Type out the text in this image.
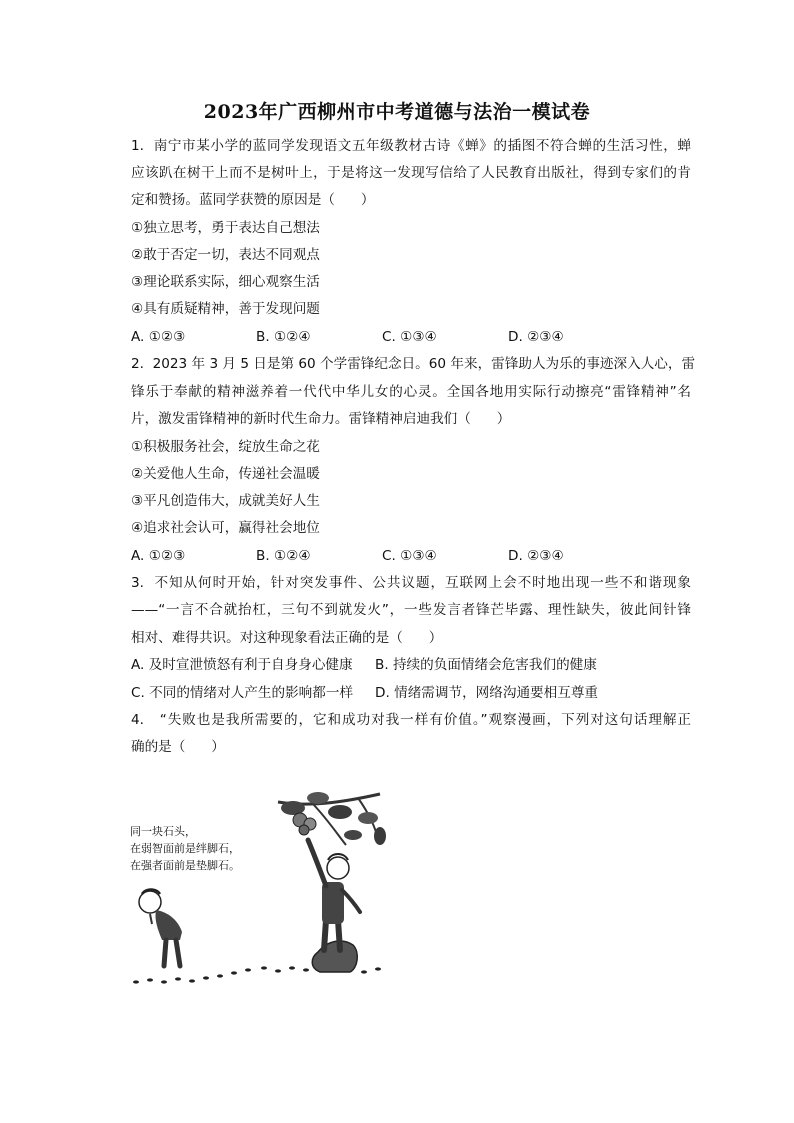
2023年广西柳州市中考道德与法治一模试卷
1.  南宁市某小学的蓝同学发现语文五年级教材古诗《蝉》的插图不符合蝉的生活习性，蝉
应该趴在树干上而不是树叶上，于是将这一发现写信给了人民教育出版社，得到专家们的肯
定和赞扬。蓝同学获赞的原因是（      ）
①独立思考，勇于表达自己想法
②敢于否定一切，表达不同观点
③理论联系实际，细心观察生活
④具有质疑精神，善于发现问题
A. ①②③	B. ①②④	C. ①③④	D. ②③④
2.  2023 年 3 月 5 日是第 60 个学雷锋纪念日。60 年来，雷锋助人为乐的事迹深入人心，雷
锋乐于奉献的精神滋养着一代代中华儿女的心灵。全国各地用实际行动擦亮“雷锋精神”名
片，激发雷锋精神的新时代生命力。雷锋精神启迪我们（      ）
①积极服务社会，绽放生命之花
②关爱他人生命，传递社会温暖
③平凡创造伟大，成就美好人生
④追求社会认可，赢得社会地位
A. ①②③	B. ①②④	C. ①③④	D. ②③④
3.  不知从何时开始，针对突发事件、公共议题，互联网上会不时地出现一些不和谐现象
——“一言不合就抬杠，三句不到就发火”，一些发言者锋芒毕露、理性缺失，彼此间针锋
相对、难得共识。对这种现象看法正确的是（      ）
A. 及时宣泄愤怒有利于自身身心健康 B. 持续的负面情绪会危害我们的健康
C. 不同的情绪对人产生的影响都一样 D. 情绪需调节，网络沟通要相互尊重
4.   “失败也是我所需要的，它和成功对我一样有价值。”观察漫画，下列对这句话理解正
确的是（      ）
同一块石头，
在弱智面前是绊脚石，
在强者面前是垫脚石。
